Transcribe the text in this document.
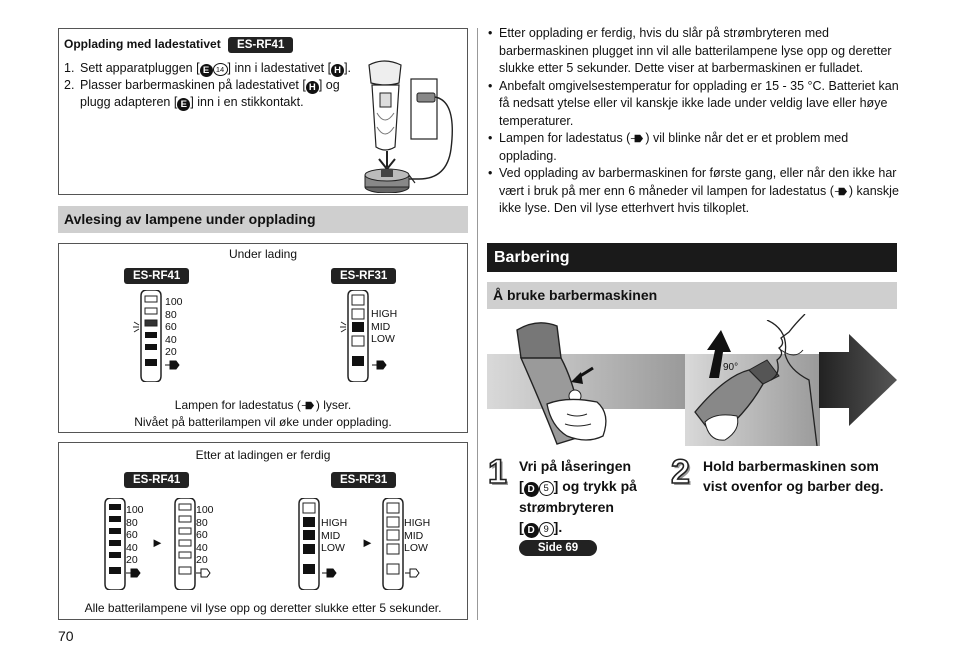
Opplading med ladestativet ES-RF41
1. Sett apparatpluggen [ E 14 ] inn i ladestativet [ H ].
2. Plasser barbermaskinen på ladestativet [ H ] og plugg adapteren [ E ] inn i en stikkontakt.
Avlesing av lampene under opplading
Under lading
ES-RF41	ES-RF31
100
80
60
40
20
HIGH
MID
LOW
Lampen for ladestatus ( ) lyser.
Nivået på batterilampen vil øke under opplading.
Etter at ladingen er ferdig
ES-RF41	ES-RF31
100
80
60
40
20
►
100
80
60
40
20
HIGH
MID
LOW ►
HIGH
MID
LOW
Alle batterilampene vil lyse opp og deretter slukke etter 5 sekunder.
• Etter opplading er ferdig, hvis du slår på strømbryteren med barbermaskinen plugget inn vil alle batterilampene lyse opp og deretter slukke etter 5 sekunder. Dette viser at barbermaskinen er fulladet.
• Anbefalt omgivelsestemperatur for opplading er 15 - 35 °C. Batteriet kan få nedsatt ytelse eller vil kanskje ikke lade under veldig lave eller høye temperaturer.
• Lampen for ladestatus ( ) vil blinke når det er et problem med opplading.
• Ved opplading av barbermaskinen for første gang, eller når den ikke har vært i bruk på mer enn 6 måneder vil lampen for ladestatus ( ) kanskje ikke lyse. Den vil lyse etterhvert hvis tilkoplet.
Barbering
Å bruke barbermaskinen
90°
1 Vri på låseringen
[ D 5 ] og trykk på
strømbryteren
[ D 9 ].
Side 69
2 Hold barbermaskinen som vist ovenfor og barber deg.
70
